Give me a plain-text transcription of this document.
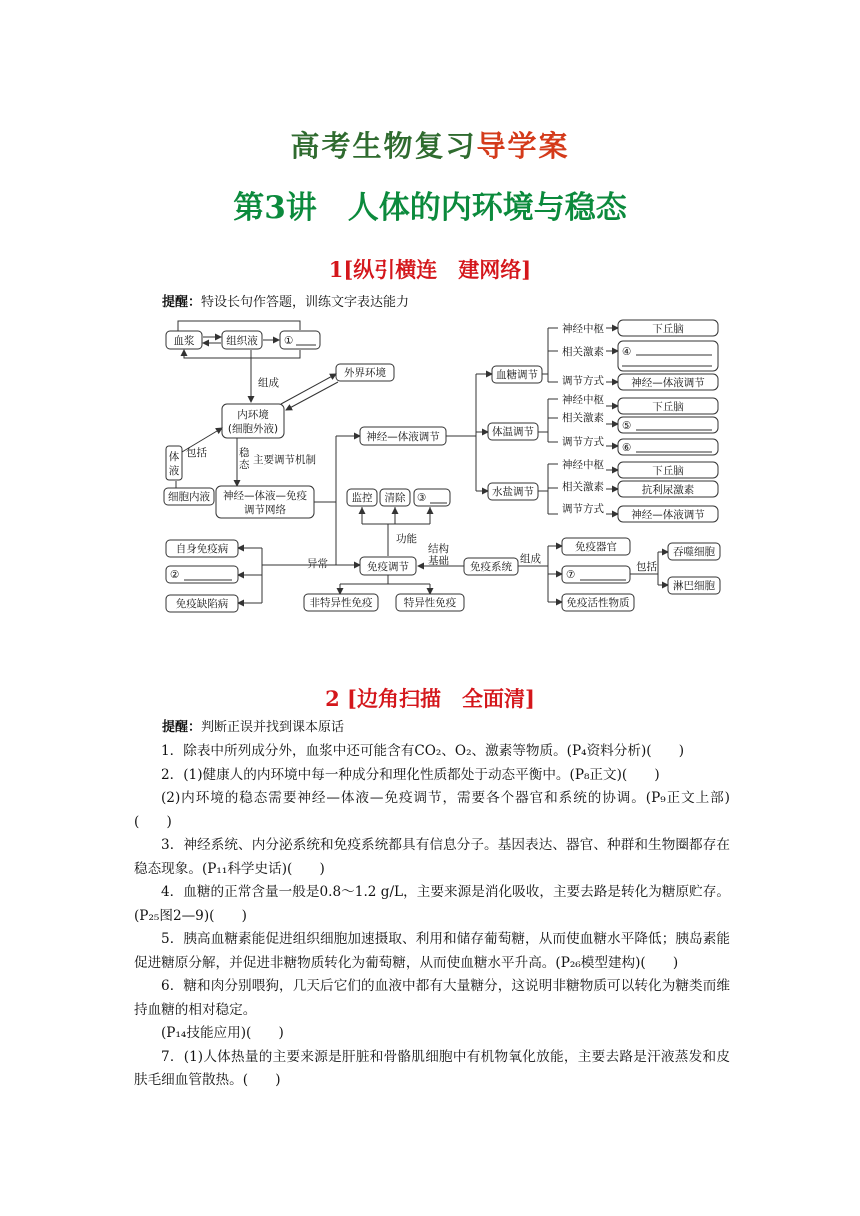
高考生物复习导学案
第3讲　人体的内环境与稳态
1[纵引横连　建网络]
提醒：特设长句作答题，训练文字表达能力
血浆	组织液	①
组成
内环境
(细胞外液)
外界环境
体
液
包括
细胞内液
稳
态 主要调节机制
神经—体液—免疫
调节网络
神经—体液调节
血糖调节
体温调节
水盐调节
神经中枢
相关激素
调节方式
下丘脑
④
神经—体液调节
神经中枢
相关激素
调节方式
下丘脑
⑤
⑥
神经中枢
相关激素
调节方式
下丘脑
抗利尿激素
神经—体液调节
监控 清除 ③
功能
免疫调节
异常
自身免疫病
②
免疫缺陷病	非特异性免疫	特异性免疫
结构
基础 免疫系统
组成
免疫器官
⑦
免疫活性物质
包括
吞噬细胞
淋巴细胞
2 [边角扫描　全面清]
提醒：判断正误并找到课本原话

1．除表中所列成分外，血浆中还可能含有CO₂、O₂、激素等物质。(P₄资料分析)(　　)

2．(1)健康人的内环境中每一种成分和理化性质都处于动态平衡中。(P₈正文)(　　)

(2)内环境的稳态需要神经—体液—免疫调节，需要各个器官和系统的协调。(P₉正文上部)(　　)

3．神经系统、内分泌系统和免疫系统都具有信息分子。基因表达、器官、种群和生物圈都存在稳态现象。(P₁₁科学史话)(　　)

4．血糖的正常含量一般是0.8～1.2 g/L，主要来源是消化吸收，主要去路是转化为糖原贮存。(P₂₅图2—9)(　　)

5．胰高血糖素能促进组织细胞加速摄取、利用和储存葡萄糖，从而使血糖水平降低；胰岛素能促进糖原分解，并促进非糖物质转化为葡萄糖，从而使血糖水平升高。(P₂₆模型建构)(　　)

6．糖和肉分别喂狗，几天后它们的血液中都有大量糖分，这说明非糖物质可以转化为糖类而维持血糖的相对稳定。

(P₁₄技能应用)(　　)

7．(1)人体热量的主要来源是肝脏和骨骼肌细胞中有机物氧化放能，主要去路是汗液蒸发和皮肤毛细血管散热。(　　)
